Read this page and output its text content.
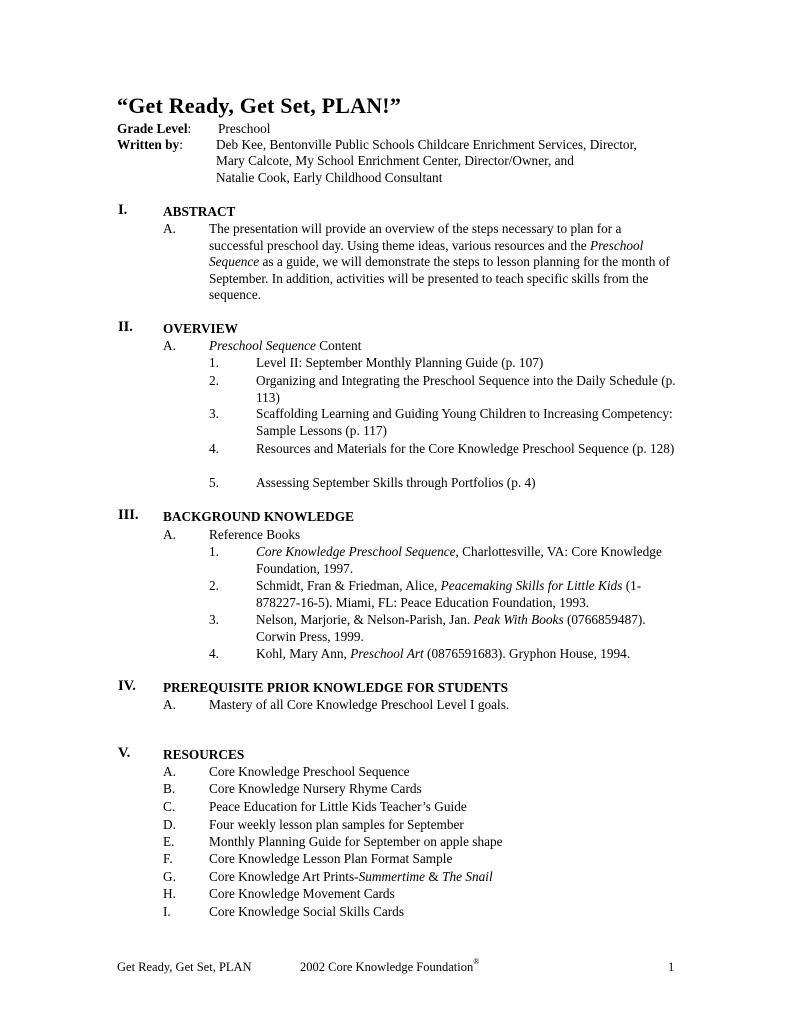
“Get Ready, Get Set, PLAN!”
Grade Level: Preschool
Written by: Deb Kee, Bentonville Public Schools Childcare Enrichment Services, Director,
Mary Calcote, My School Enrichment Center, Director/Owner, and
Natalie Cook, Early Childhood Consultant
I.	ABSTRACT
A. The presentation will provide an overview of the steps necessary to plan for a successful preschool day. Using theme ideas, various resources and the Preschool Sequence as a guide, we will demonstrate the steps to lesson planning for the month of September. In addition, activities will be presented to teach specific skills from the sequence.
II. OVERVIEW
A. Preschool Sequence Content
1.	Level II: September Monthly Planning Guide (p. 107)
2.	Organizing and Integrating the Preschool Sequence into the Daily Schedule (p. 113)
3.	Scaffolding Learning and Guiding Young Children to Increasing Competency: Sample Lessons (p. 117)
4.	Resources and Materials for the Core Knowledge Preschool Sequence (p. 128)
5.	Assessing September Skills through Portfolios (p. 4)
III. BACKGROUND KNOWLEDGE
A. Reference Books
1.	Core Knowledge Preschool Sequence, Charlottesville, VA: Core Knowledge Foundation, 1997.
2.	Schmidt, Fran & Friedman, Alice, Peacemaking Skills for Little Kids (1-878227-16-5). Miami, FL: Peace Education Foundation, 1993.
3.	Nelson, Marjorie, & Nelson-Parish, Jan. Peak With Books (0766859487). Corwin Press, 1999.
4.	Kohl, Mary Ann, Preschool Art (0876591683). Gryphon House, 1994.
IV. PREREQUISITE PRIOR KNOWLEDGE FOR STUDENTS
A. Mastery of all Core Knowledge Preschool Level I goals.
V. RESOURCES
A. Core Knowledge Preschool Sequence
B.	Core Knowledge Nursery Rhyme Cards
C.	Peace Education for Little Kids Teacher’s Guide
D. Four weekly lesson plan samples for September
E.	Monthly Planning Guide for September on apple shape
F.	Core Knowledge Lesson Plan Format Sample
G. Core Knowledge Art Prints-Summertime & The Snail
H. Core Knowledge Movement Cards
I.	Core Knowledge Social Skills Cards
Get Ready, Get Set, PLAN	2002 Core Knowledge Foundation®	1
